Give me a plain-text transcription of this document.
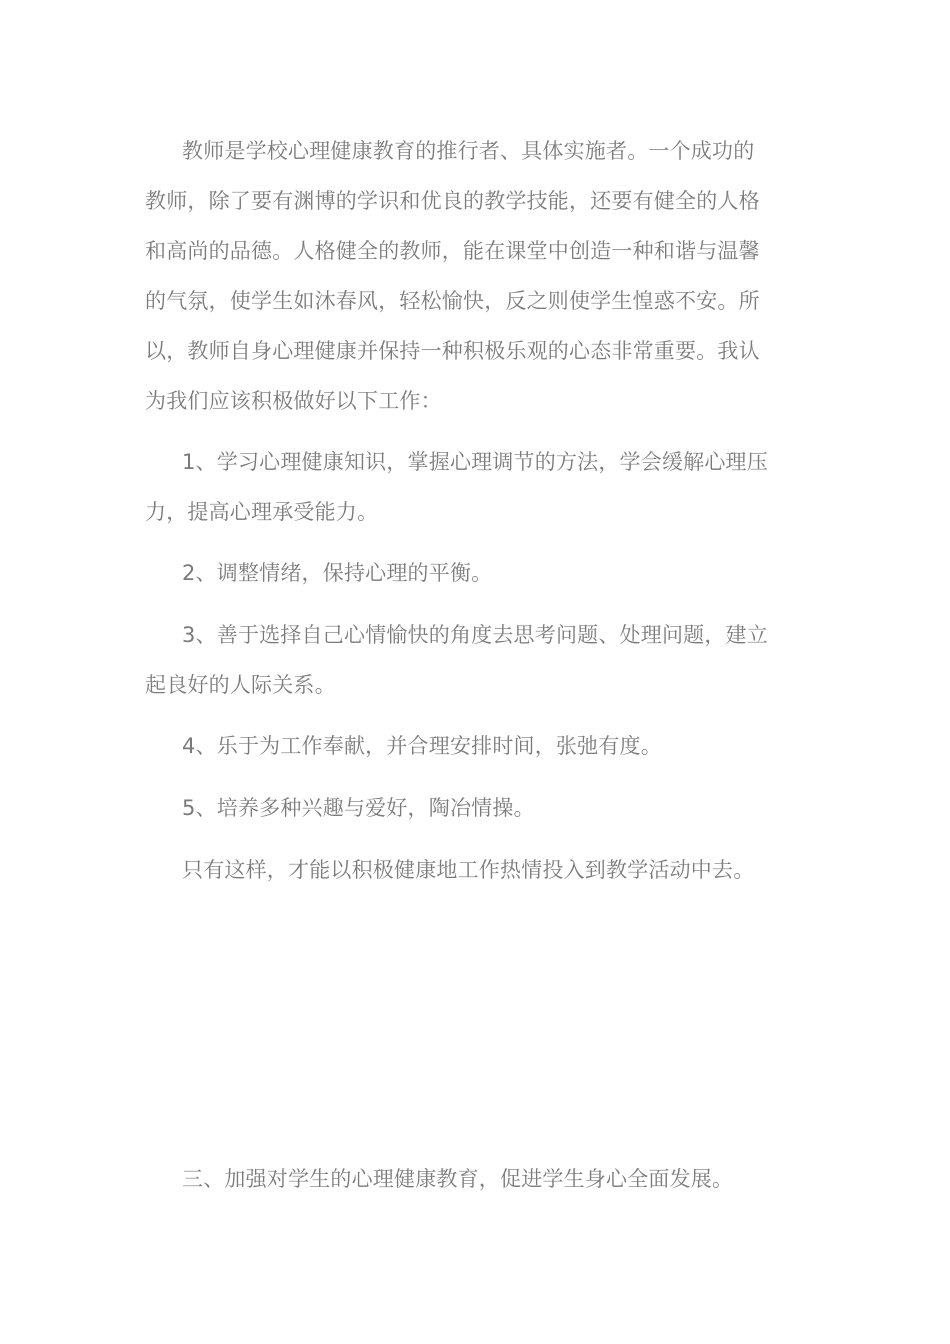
教师是学校心理健康教育的推行者、具体实施者。一个成功的
教师，除了要有渊博的学识和优良的教学技能，还要有健全的人格
和高尚的品德。人格健全的教师，能在课堂中创造一种和谐与温馨
的气氛，使学生如沐春风，轻松愉快，反之则使学生惶惑不安。所
以，教师自身心理健康并保持一种积极乐观的心态非常重要。我认
为我们应该积极做好以下工作：
1、学习心理健康知识，掌握心理调节的方法，学会缓解心理压
力，提高心理承受能力。
2、调整情绪，保持心理的平衡。
3、善于选择自己心情愉快的角度去思考问题、处理问题，建立
起良好的人际关系。
4、乐于为工作奉献，并合理安排时间，张弛有度。
5、培养多种兴趣与爱好，陶冶情操。
只有这样，才能以积极健康地工作热情投入到教学活动中去。
三、加强对学生的心理健康教育，促进学生身心全面发展。
